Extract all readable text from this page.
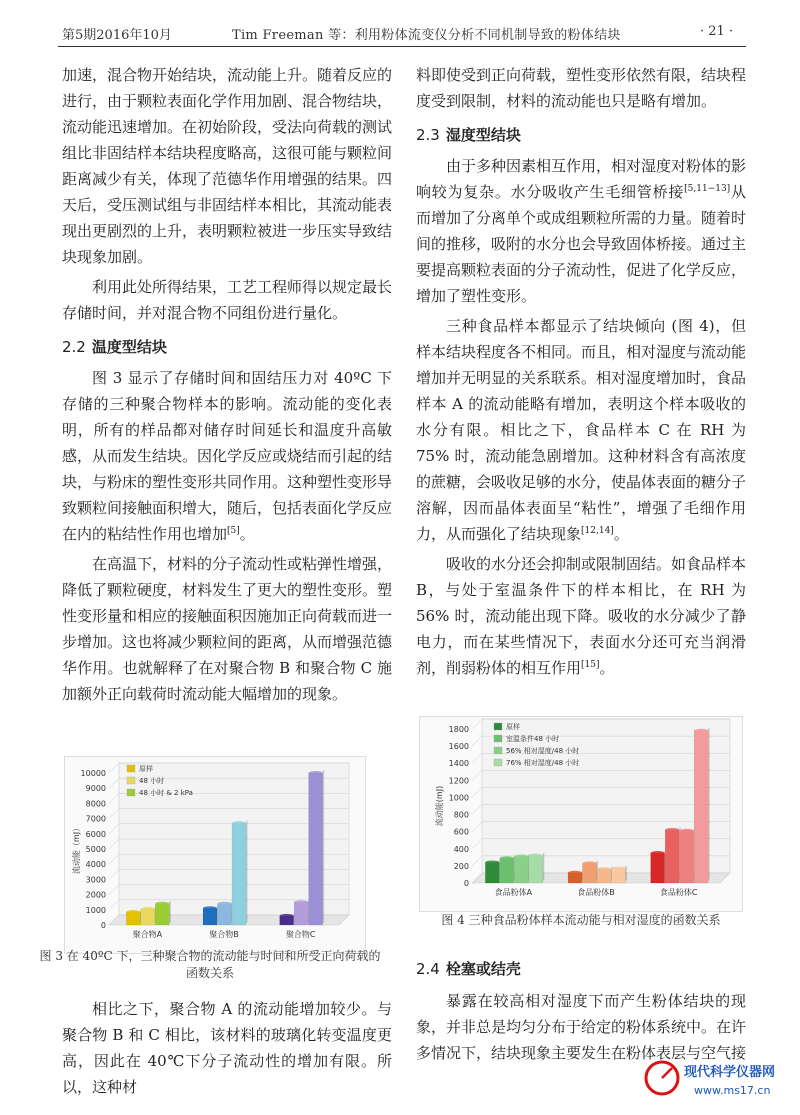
第5期2016年10月	Tim Freeman 等：利用粉体流变仪分析不同机制导致的粉体结块	· 21 ·

加速，混合物开始结块，流动能上升。随着反应的进行，由于颗粒表面化学作用加剧、混合物结块，流动能迅速增加。在初始阶段，受法向荷载的测试组比非固结样本结块程度略高，这很可能与颗粒间距离减少有关，体现了范德华作用增强的结果。四天后，受压测试组与非固结样本相比，其流动能表现出更剧烈的上升，表明颗粒被进一步压实导致结块现象加剧。

利用此处所得结果，工艺工程师得以规定最长存储时间，并对混合物不同组份进行量化。

2.2 温度型结块

图 3 显示了存储时间和固结压力对 40ºC 下存储的三种聚合物样本的影响。流动能的变化表明，所有的样品都对储存时间延长和温度升高敏感，从而发生结块。因化学反应或烧结而引起的结块，与粉床的塑性变形共同作用。这种塑性变形导致颗粒间接触面积增大，随后，包括表面化学反应在内的粘结性作用也增加[5]。

在高温下，材料的分子流动性或粘弹性增强，降低了颗粒硬度，材料发生了更大的塑性变形。塑性变形量和相应的接触面积因施加正向荷载而进一步增加。这也将减少颗粒间的距离，从而增强范德华作用。也就解释了在对聚合物 B 和聚合物 C 施加额外正向载荷时流动能大幅增加的现象。

0
1000
2000
3000
4000
5000
6000
7000
8000
9000
10000
流动能（mJ）
聚合物A	聚合物B	聚合物C
原样
48 小时
48 小时 & 2 kPa
图 3 在 40ºC 下，三种聚合物的流动能与时间和所受正向荷载的函数关系

相比之下，聚合物 A 的流动能增加较少。与聚合物 B 和 C 相比，该材料的玻璃化转变温度更高，因此在 40℃下分子流动性的增加有限。所以，这种材

料即使受到正向荷载，塑性变形依然有限，结块程度受到限制，材料的流动能也只是略有增加。

2.3 湿度型结块

由于多种因素相互作用，相对湿度对粉体的影响较为复杂。水分吸收产生毛细管桥接[5,11−13]从而增加了分离单个或成组颗粒所需的力量。随着时间的推移，吸附的水分也会导致固体桥接。通过主要提高颗粒表面的分子流动性，促进了化学反应，增加了塑性变形。

三种食品样本都显示了结块倾向 (图 4)，但样本结块程度各不相同。而且，相对湿度与流动能增加并无明显的关系联系。相对湿度增加时，食品样本 A 的流动能略有增加，表明这个样本吸收的水分有限。相比之下，食品样本 C 在 RH 为 75% 时，流动能急剧增加。这种材料含有高浓度的蔗糖，会吸收足够的水分，使晶体表面的糖分子溶解，因而晶体表面呈“粘性”，增强了毛细作用力，从而强化了结块现象[12,14]。

吸收的水分还会抑制或限制固结。如食品样本 B，与处于室温条件下的样本相比，在 RH 为 56% 时，流动能出现下降。吸收的水分减少了静电力，而在某些情况下，表面水分还可充当润滑剂，削弱粉体的相互作用[15]。

0
200
400
600
800
1000
1200
1400
1600
1800
流动能(mJ)
食品粉体A	食品粉体B	食品粉体C
原样
室温条件48 小时
56% 相对湿度/48 小时
76% 相对湿度/48 小时
图 4 三种食品粉体样本流动能与相对湿度的函数关系
2.4 栓塞或结壳

暴露在较高相对湿度下而产生粉体结块的现象，并非总是均匀分布于给定的粉体系统中。在许多情况下，结块现象主要发生在粉体表层与空气接

现代科学仪器网
www.ms17.cn
